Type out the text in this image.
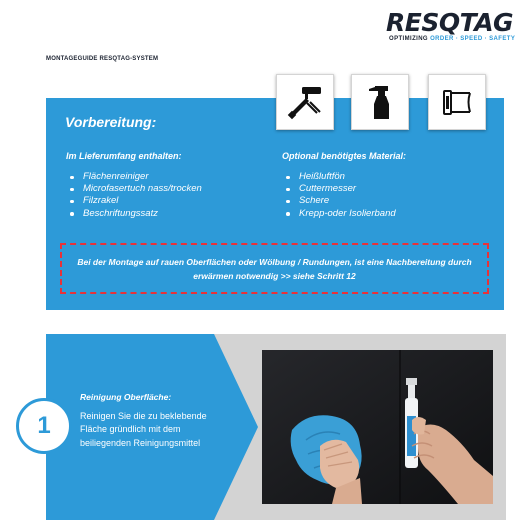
RESQTAG
OPTIMIZING ORDER · SPEED · SAFETY
MONTAGEGUIDE RESQTAG-SYSTEM
Vorbereitung:
Im Lieferumfang enthalten:
Flächenreiniger
Microfasertuch nass/trocken
Filzrakel
Beschriftungssatz
Optional benötigtes Material:
Heißluftfön
Cuttermesser
Schere
Krepp-oder Isolierband
Bei der Montage auf rauen Oberflächen oder Wölbung / Rundungen, ist eine Nachbereitung durch erwärmen notwendig >> siehe Schritt 12
1
Reinigung Oberfläche:
Reinigen Sie die zu beklebende Fläche gründlich mit dem beiliegenden Reinigungsmittel
